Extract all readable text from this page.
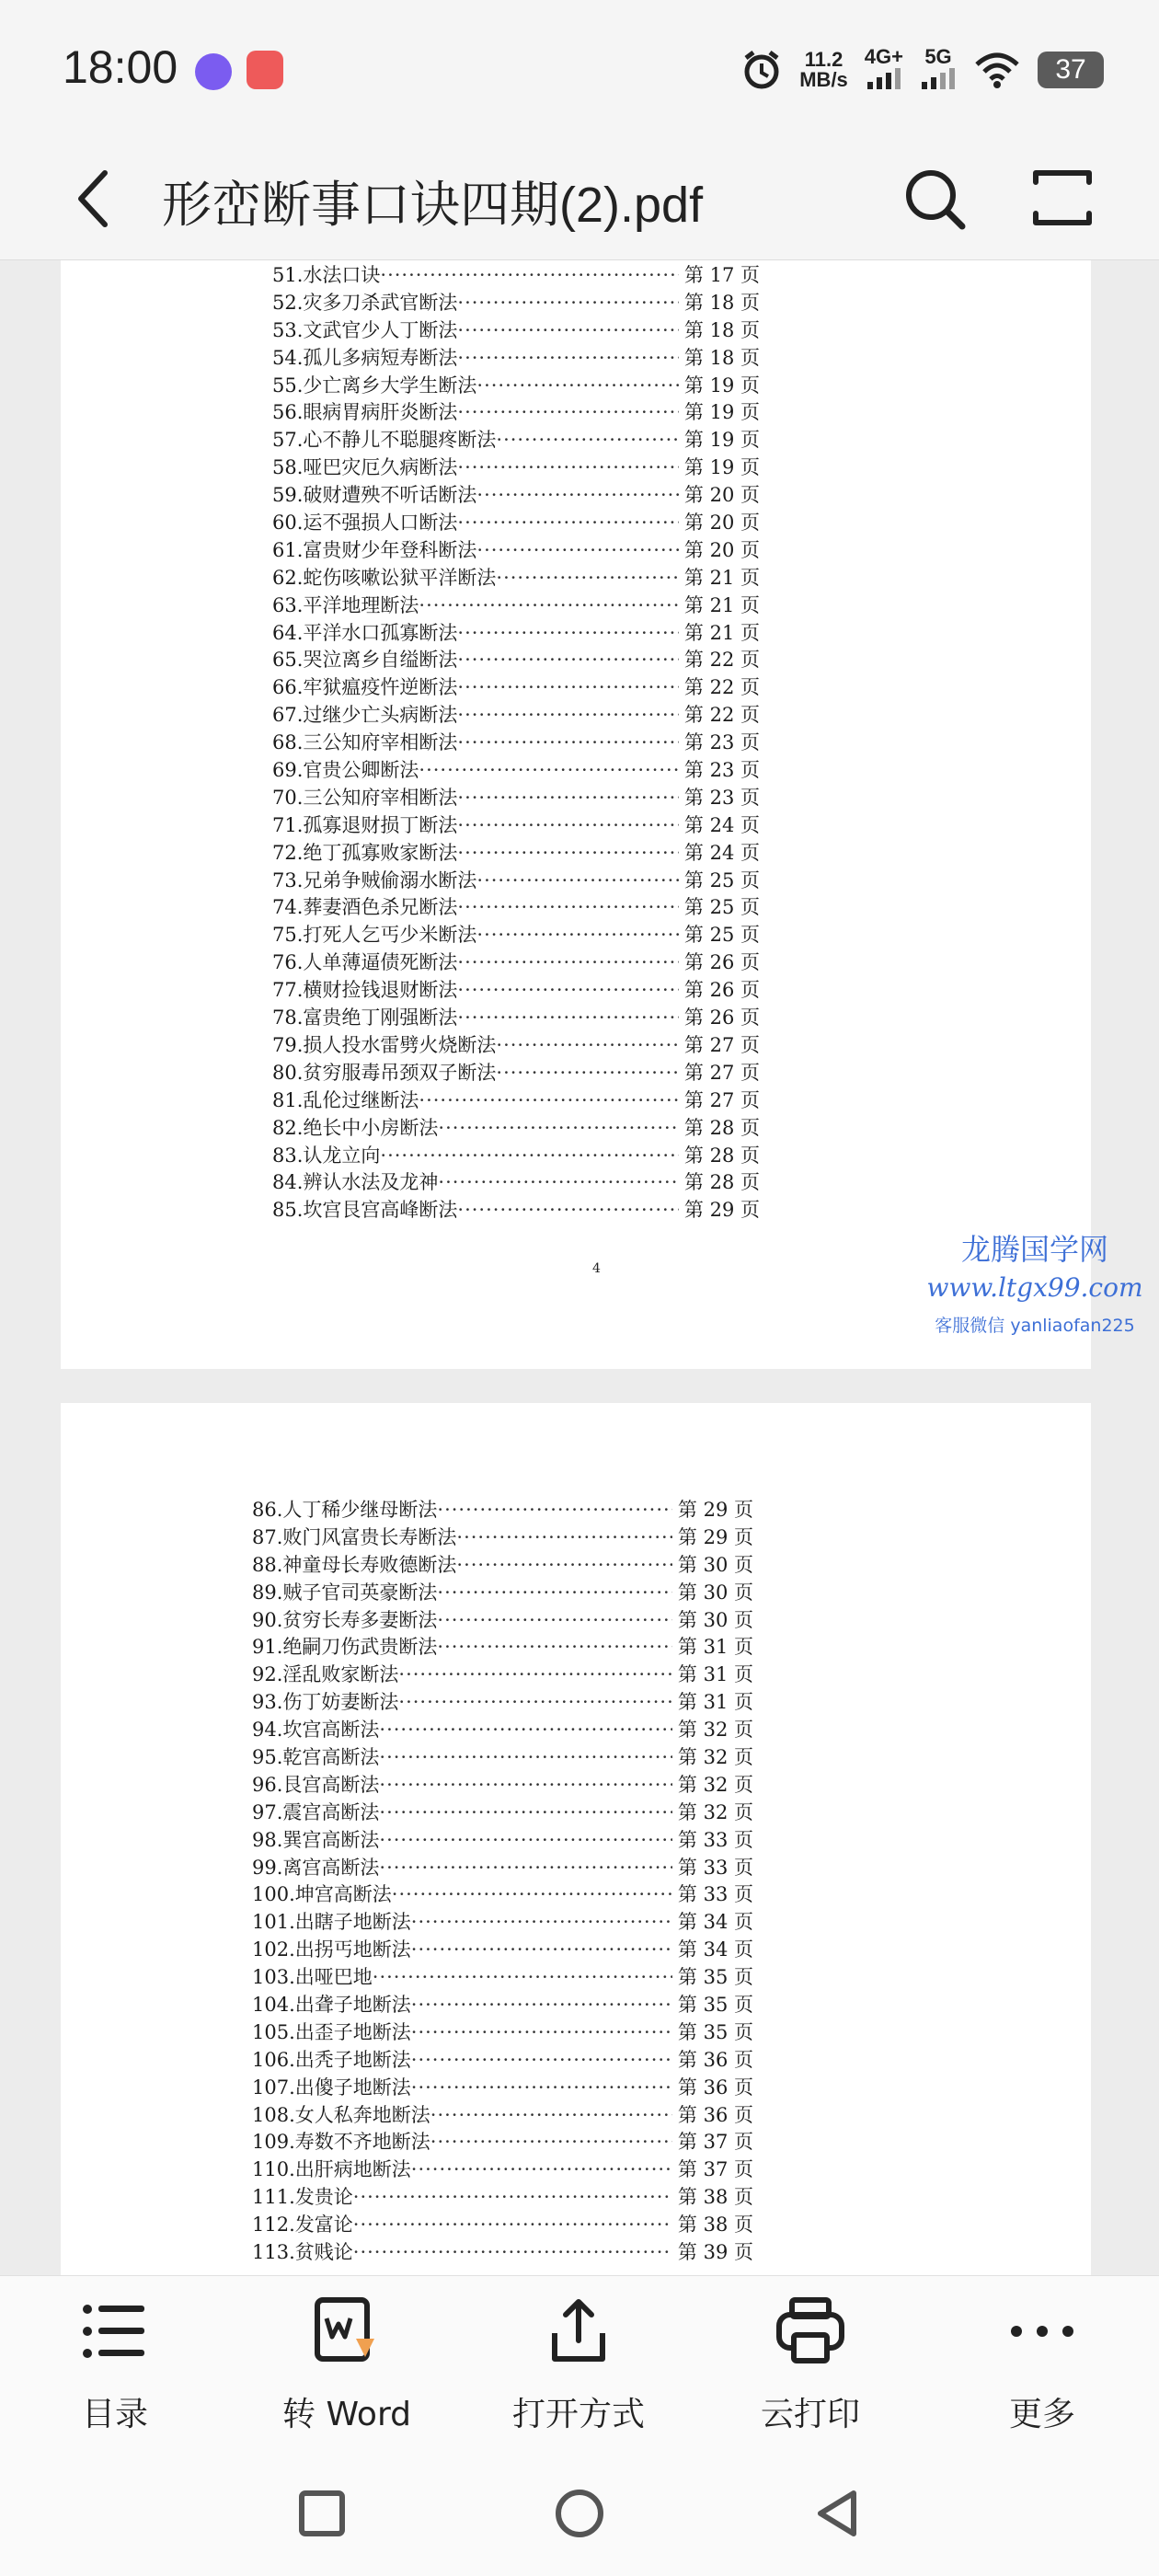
18:00	11.2
MB/s
4G+ 5G	37
形峦断事口诀四期(2).pdf
51. 水法口诀 ·····	第 17 页
52. 灾多刀杀武官断法 ·····	第 18 页
53. 文武官少人丁断法 ·····	第 18 页
54. 孤儿多病短寿断法 ·····	第 18 页
55. 少亡离乡大学生断法 ·····	第 19 页
56. 眼病胃病肝炎断法 ·····	第 19 页
57. 心不静儿不聪腿疼断法 ·····	第 19 页
58. 哑巴灾厄久病断法 ·····	第 19 页
59. 破财遭殃不听话断法 ·····	第 20 页
60. 运不强损人口断法 ·····	第 20 页
61. 富贵财少年登科断法 ·····	第 20 页
62. 蛇伤咳嗽讼狱平洋断法 ·····	第 21 页
63. 平洋地理断法 ·····	第 21 页
64. 平洋水口孤寡断法 ·····	第 21 页
65. 哭泣离乡自缢断法 ·····	第 22 页
66. 牢狱瘟疫忤逆断法 ·····	第 22 页
67. 过继少亡头病断法 ·····	第 22 页
68. 三公知府宰相断法 ·····	第 23 页
69. 官贵公卿断法 ·····	第 23 页
70. 三公知府宰相断法 ·····	第 23 页
71. 孤寡退财损丁断法 ·····	第 24 页
72. 绝丁孤寡败家断法 ·····	第 24 页
73. 兄弟争贼偷溺水断法 ·····	第 25 页
74. 葬妻酒色杀兄断法 ·····	第 25 页
75. 打死人乞丐少米断法 ·····	第 25 页
76. 人单薄逼债死断法 ·····	第 26 页
77. 横财捡钱退财断法 ·····	第 26 页
78. 富贵绝丁刚强断法 ·····	第 26 页
79. 损人投水雷劈火烧断法 ·····	第 27 页
80. 贫穷服毒吊颈双子断法 ·····	第 27 页
81. 乱伦过继断法 ·····	第 27 页
82. 绝长中小房断法 ·····	第 28 页
83. 认龙立向 ·····	第 28 页
84. 辨认水法及龙神 ·····	第 28 页
85. 坎宫艮宫高峰断法 ·····	第 29 页
4
龙腾国学网
www.ltgx99.com
客服微信 yanliaofan225
86. 人丁稀少继母断法 ·····	第 29 页
87. 败门风富贵长寿断法 ·····	第 29 页
88. 神童母长寿败德断法 ·····	第 30 页
89. 贼子官司英豪断法 ·····	第 30 页
90. 贫穷长寿多妻断法 ·····	第 30 页
91. 绝嗣刀伤武贵断法 ·····	第 31 页
92. 淫乱败家断法 ·····	第 31 页
93. 伤丁妨妻断法 ·····	第 31 页
94. 坎宫高断法 ·····	第 32 页
95. 乾宫高断法 ·····	第 32 页
96. 艮宫高断法 ·····	第 32 页
97. 震宫高断法 ·····	第 32 页
98. 巽宫高断法 ·····	第 33 页
99. 离宫高断法 ·····	第 33 页
100. 坤宫高断法 ·····	第 33 页
101. 出瞎子地断法 ·····	第 34 页
102. 出拐丐地断法 ·····	第 34 页
103. 出哑巴地 ·····	第 35 页
104. 出聋子地断法 ·····	第 35 页
105. 出歪子地断法 ·····	第 35 页
106. 出秃子地断法 ·····	第 36 页
107. 出傻子地断法 ·····	第 36 页
108. 女人私奔地断法 ·····	第 36 页
109. 寿数不齐地断法 ·····	第 37 页
110. 出肝病地断法 ·····	第 37 页
111. 发贵论 ·····	第 38 页
112. 发富论 ·····	第 38 页
113. 贫贱论 ·····	第 39 页
目录	转 Word	打开方式	云打印	更多
